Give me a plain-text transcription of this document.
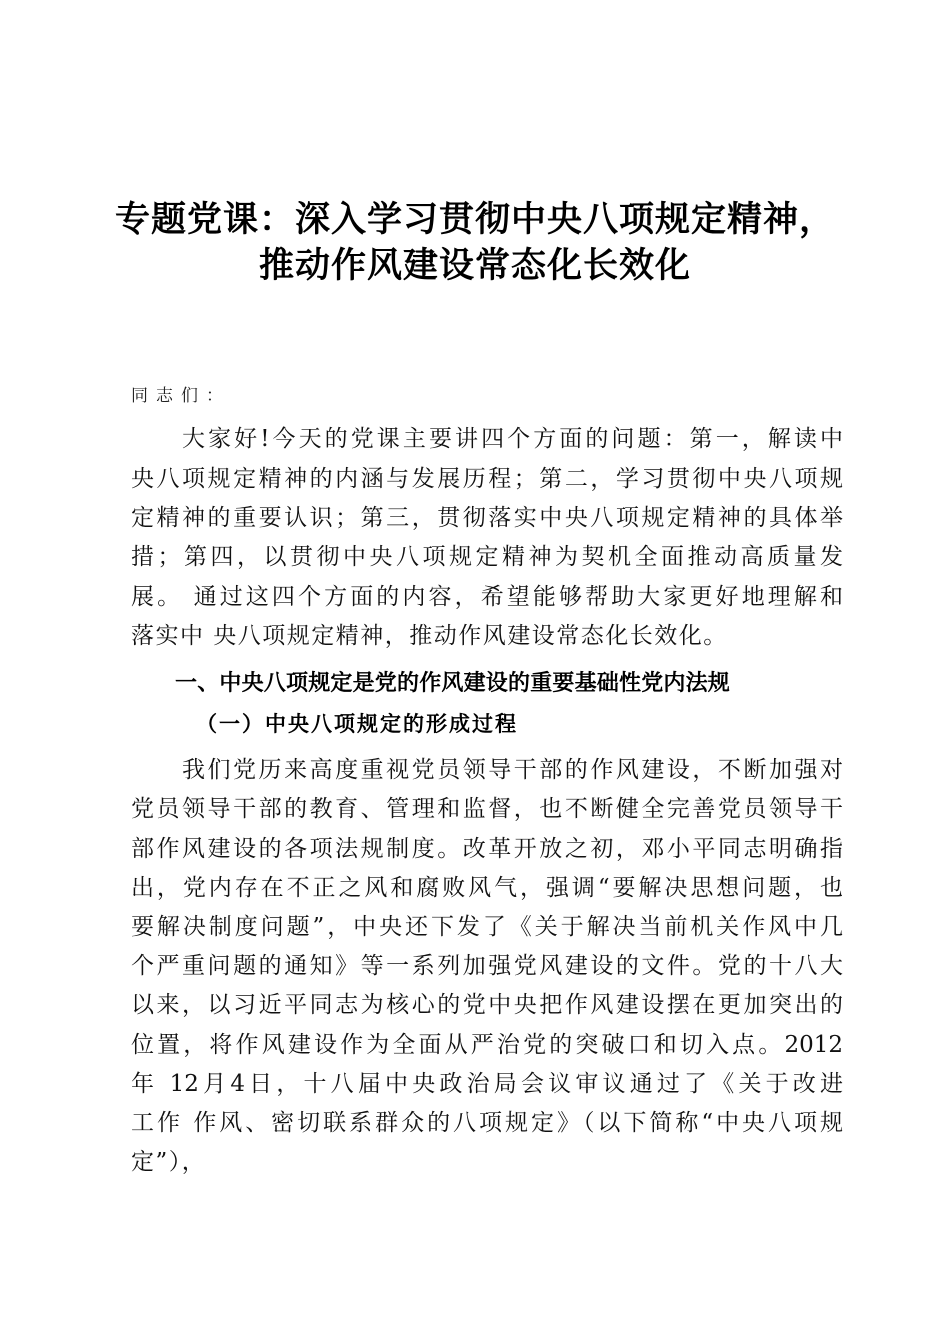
专题党课：深入学习贯彻中央八项规定精神，
推动作风建设常态化长效化
同志们：
大家好!今天的党课主要讲四个方面的问题：第一，解读中
央八项规定精神的内涵与发展历程；第二，学习贯彻中央八项规
定精神的重要认识；第三，贯彻落实中央八项规定精神的具体举
措；第四，以贯彻中央八项规定精神为契机全面推动高质量发
展。 通过这四个方面的内容，希望能够帮助大家更好地理解和
落实中 央八项规定精神，推动作风建设常态化长效化。
一、中央八项规定是党的作风建设的重要基础性党内法规
（一）中央八项规定的形成过程
我们党历来高度重视党员领导干部的作风建设，不断加强对
党员领导干部的教育、管理和监督，也不断健全完善党员领导干
部作风建设的各项法规制度。改革开放之初，邓小平同志明确指
出，党内存在不正之风和腐败风气，强调“要解决思想问题，也
要解决制度问题”，中央还下发了《关于解决当前机关作风中几
个严重问题的通知》等一系列加强党风建设的文件。党的十八大
以来，以习近平同志为核心的党中央把作风建设摆在更加突出的
位置，将作风建设作为全面从严治党的突破口和切入点。2012
年 12月4日，十八届中央政治局会议审议通过了《关于改进
工作 作风、密切联系群众的八项规定》（以下简称“中央八项规
定”），
